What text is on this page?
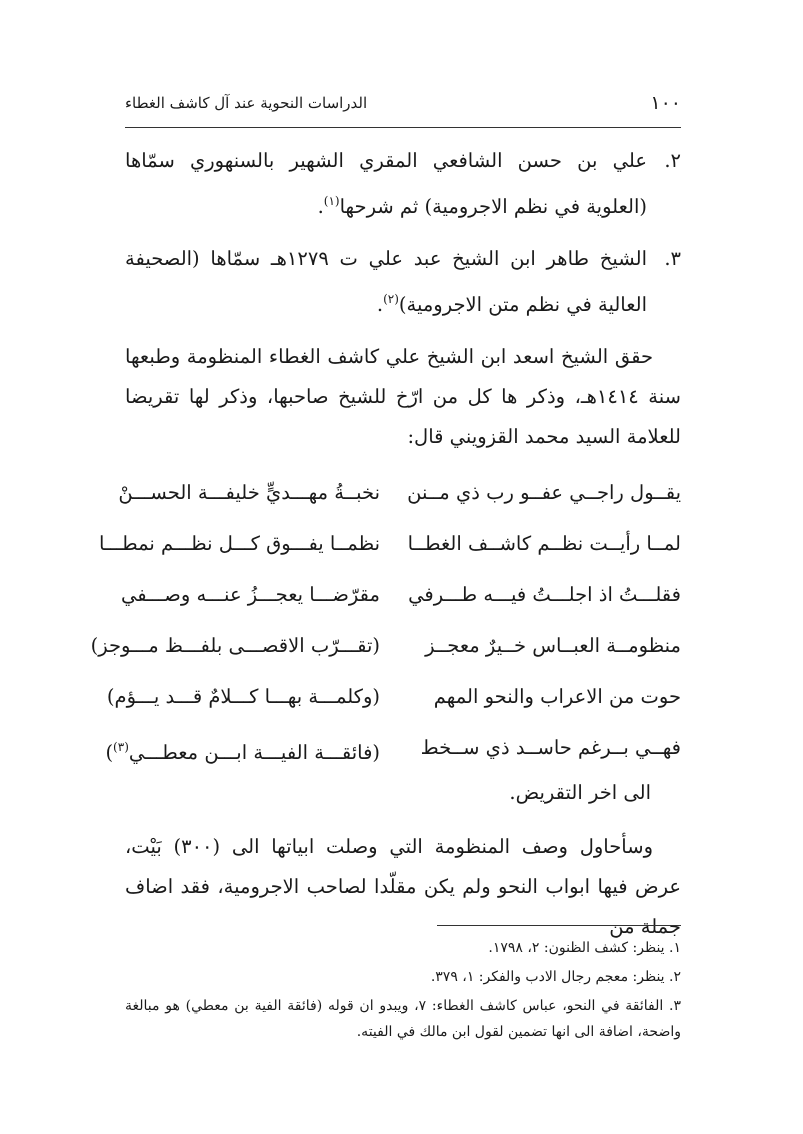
١٠٠
الدراسات النحوية عند آل كاشف الغطاء
٢.
علي بن حسن الشافعي المقري الشهير بالسنهوري سمّاها (العلوية في نظم الاجرومية) ثم شرحها$^{(١)}$.
٣.
الشيخ طاهر ابن الشيخ عبد علي ت ١٢٧٩هـ سمّاها (الصحيفة العالية في نظم متن الاجرومية)$^{(٢)}$.

حقق الشيخ اسعد ابن الشيخ علي كاشف الغطاء المنظومة وطبعها سنة ١٤١٤هـ، وذكر ها كل من ارّخ للشيخ صاحبها، وذكر لها تقريضا للعلامة السيد محمد القزويني قال:

يقــول راجــي عفــو رب ذي مــنن
نخبــةُ مهـــديٍّ خليفـــة الحســـنْ
لمــا رأيــت نظــم كاشــف الغطــا
نظمــا يفـــوق كـــل نظـــم نمطـــا
فقلـــتُ اذ اجلـــتُ فيـــه طـــرفي
مقرّضـــا يعجـــزُ عنـــه وصـــفي
منظومــة العبــاس خــيرٌ معجــز
(تقـــرّب الاقصـــى بلفـــظ مـــوجز)
حوت من الاعراب والنحو المهم
(وكلمـــة بهـــا كـــلامٌ قـــد يـــؤم)
فهــي بــرغم حاســد ذي ســخط
(فائقـــة الفيـــة ابـــن معطـــي$^{(٣)}$)
الى اخر التقريض.

وسأحاول وصف المنظومة التي وصلت ابياتها الى (٣٠٠) بَيْت، عرض فيها ابواب النحو ولم يكن مقلّدا لصاحب الاجرومية، فقد اضاف جملة من

١. ينظر: كشف الظنون: ٢، ١٧٩٨.
٢. ينظر: معجم رجال الادب والفكر: ١، ٣٧٩.
٣. الفائقة في النحو، عباس كاشف الغطاء: ٧، ويبدو ان قوله (فائقة الفية بن معطي) هو مبالغة واضحة، اضافة الى انها تضمين لقول ابن مالك في الفيته.
